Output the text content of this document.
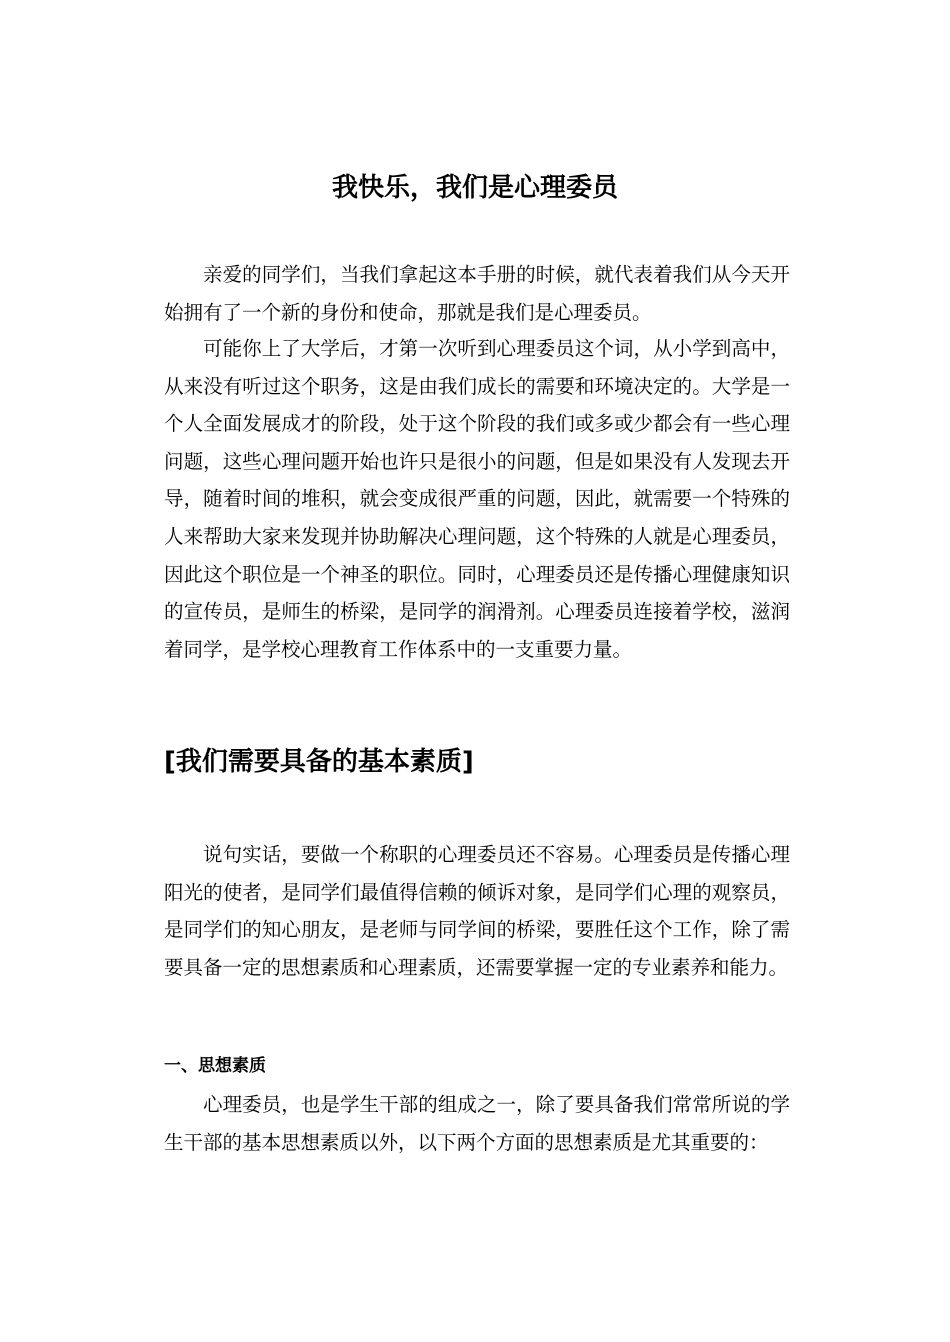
我快乐，我们是心理委员

亲爱的同学们，当我们拿起这本手册的时候，就代表着我们从今天开始拥有了一个新的身份和使命，那就是我们是心理委员。

可能你上了大学后，才第一次听到心理委员这个词，从小学到高中，从来没有听过这个职务，这是由我们成长的需要和环境决定的。大学是一个人全面发展成才的阶段，处于这个阶段的我们或多或少都会有一些心理问题，这些心理问题开始也许只是很小的问题，但是如果没有人发现去开导，随着时间的堆积，就会变成很严重的问题，因此，就需要一个特殊的人来帮助大家来发现并协助解决心理问题，这个特殊的人就是心理委员，因此这个职位是一个神圣的职位。同时，心理委员还是传播心理健康知识的宣传员，是师生的桥梁，是同学的润滑剂。心理委员连接着学校，滋润着同学，是学校心理教育工作体系中的一支重要力量。

[我们需要具备的基本素质]

说句实话，要做一个称职的心理委员还不容易。心理委员是传播心理阳光的使者，是同学们最值得信赖的倾诉对象，是同学们心理的观察员，是同学们的知心朋友，是老师与同学间的桥梁，要胜任这个工作，除了需要具备一定的思想素质和心理素质，还需要掌握一定的专业素养和能力。

一、思想素质

心理委员，也是学生干部的组成之一，除了要具备我们常常所说的学生干部的基本思想素质以外，以下两个方面的思想素质是尤其重要的：
